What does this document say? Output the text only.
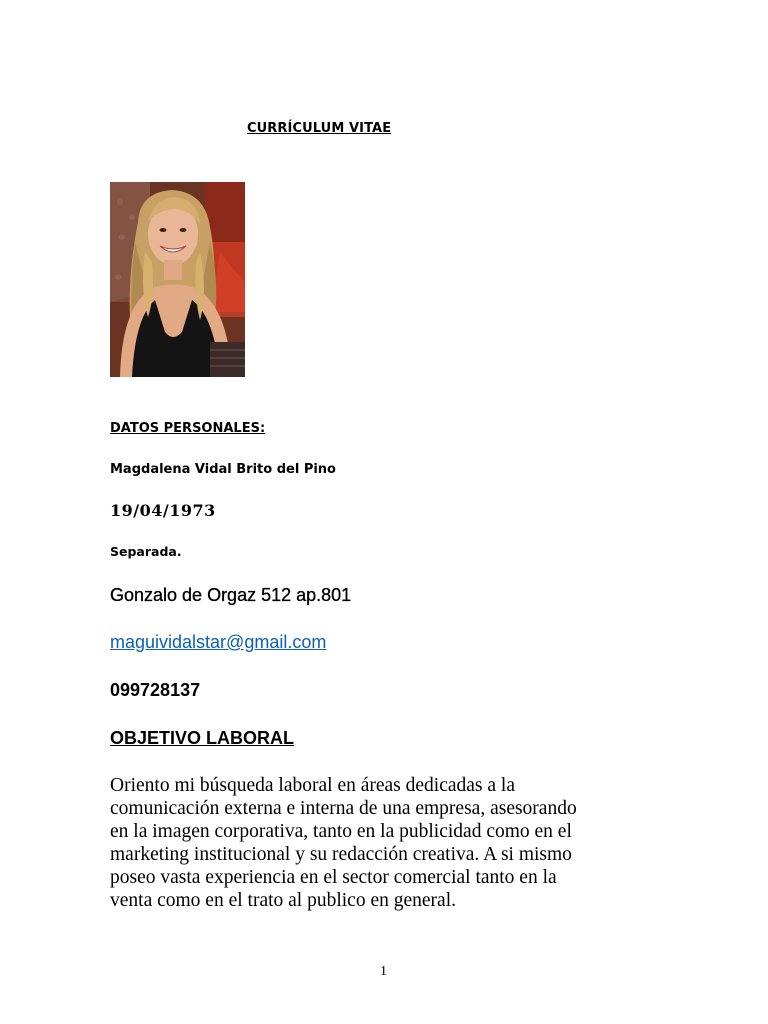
CURRÍCULUM VITAE
DATOS PERSONALES:
Magdalena Vidal Brito del Pino
19/04/1973
Separada.
Gonzalo de Orgaz 512 ap.801
maguividalstar@gmail.com
099728137
OBJETIVO LABORAL
Oriento mi búsqueda laboral en áreas dedicadas a la
comunicación externa e interna de una empresa, asesorando
en la imagen corporativa, tanto en la publicidad como en el
marketing institucional y su redacción creativa. A si mismo
poseo vasta experiencia en el sector comercial tanto en la
venta como en el trato al publico en general.
1
